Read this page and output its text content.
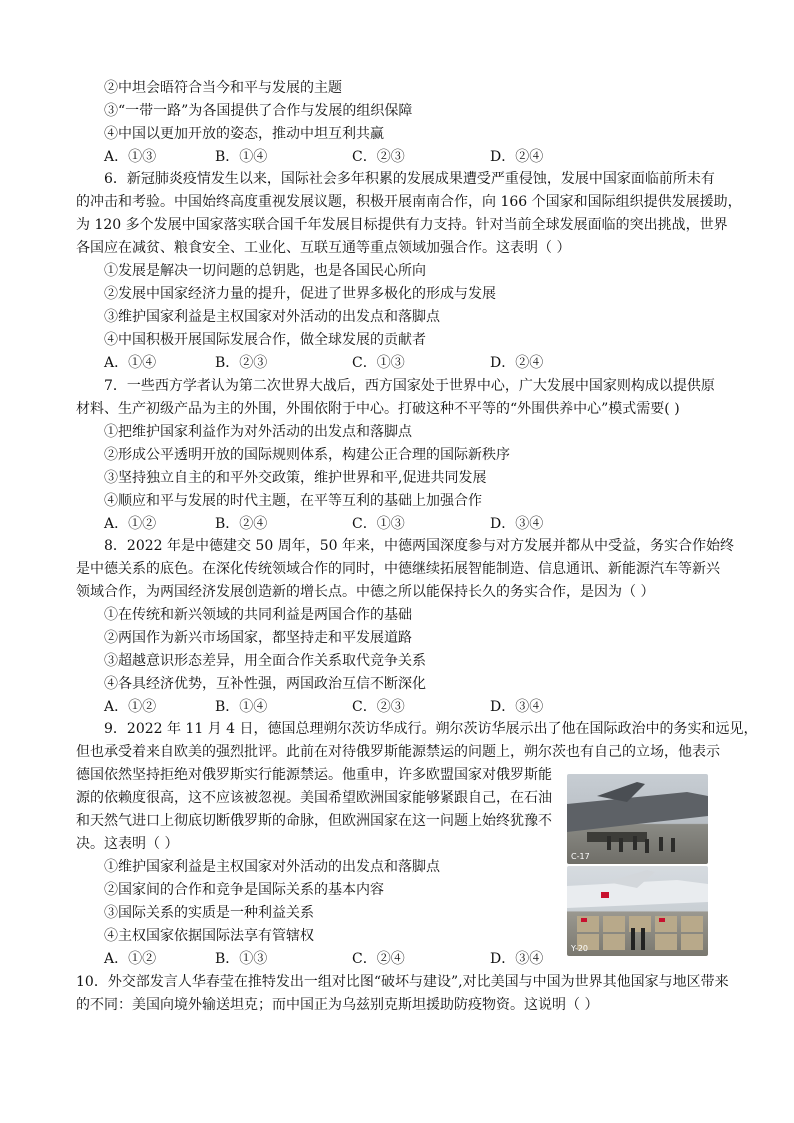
②中坦会晤符合当今和平与发展的主题
③“一带一路”为各国提供了合作与发展的组织保障
④中国以更加开放的姿态，推动中坦互利共赢
A．①③	B．①④	C．②③	D．②④
6．新冠肺炎疫情发生以来，国际社会多年积累的发展成果遭受严重侵蚀，发展中国家面临前所未有
的冲击和考验。中国始终高度重视发展议题，积极开展南南合作，向 166 个国家和国际组织提供发展援助，
为 120 多个发展中国家落实联合国千年发展目标提供有力支持。针对当前全球发展面临的突出挑战，世界
各国应在减贫、粮食安全、工业化、互联互通等重点领域加强合作。这表明（ ）
①发展是解决一切问题的总钥匙，也是各国民心所向
②发展中国家经济力量的提升，促进了世界多极化的形成与发展
③维护国家利益是主权国家对外活动的出发点和落脚点
④中国积极开展国际发展合作，做全球发展的贡献者
A．①④	B．②③	C．①③	D．②④
7．一些西方学者认为第二次世界大战后，西方国家处于世界中心，广大发展中国家则构成以提供原
材料、生产初级产品为主的外围，外围依附于中心。打破这种不平等的“外围供养中心”模式需要( )
①把维护国家利益作为对外活动的出发点和落脚点
②形成公平透明开放的国际规则体系，构建公正合理的国际新秩序
③坚持独立自主的和平外交政策，维护世界和平,促进共同发展
④顺应和平与发展的时代主题，在平等互利的基础上加强合作
A．①②	B．②④	C．①③	D．③④
8．2022 年是中德建交 50 周年，50 年来，中德两国深度参与对方发展并都从中受益，务实合作始终
是中德关系的底色。在深化传统领域合作的同时，中德继续拓展智能制造、信息通讯、新能源汽车等新兴
领域合作，为两国经济发展创造新的增长点。中德之所以能保持长久的务实合作，是因为（ ）
①在传统和新兴领域的共同利益是两国合作的基础
②两国作为新兴市场国家，都坚持走和平发展道路
③超越意识形态差异，用全面合作关系取代竞争关系
④各具经济优势，互补性强，两国政治互信不断深化
A．①②	B．①④	C．②③	D．③④
9．2022 年 11 月 4 日，德国总理朔尔茨访华成行。朔尔茨访华展示出了他在国际政治中的务实和远见，
但也承受着来自欧美的强烈批评。此前在对待俄罗斯能源禁运的问题上，朔尔茨也有自己的立场，他表示
德国依然坚持拒绝对俄罗斯实行能源禁运。他重申，许多欧盟国家对俄罗斯能
源的依赖度很高，这不应该被忽视。美国希望欧洲国家能够紧跟自己，在石油
和天然气进口上彻底切断俄罗斯的命脉，但欧洲国家在这一问题上始终犹豫不
决。这表明（ ）
①维护国家利益是主权国家对外活动的出发点和落脚点
②国家间的合作和竞争是国际关系的基本内容
③国际关系的实质是一种利益关系
④主权国家依据国际法享有管辖权
A．①②	B．①③	C．②④	D．③④
C-17
Y-20
10．外交部发言人华春莹在推特发出一组对比图“破坏与建设”,对比美国与中国为世界其他国家与地区带来
的不同：美国向境外输送坦克；而中国正为乌兹别克斯坦援助防疫物资。这说明（ ）
